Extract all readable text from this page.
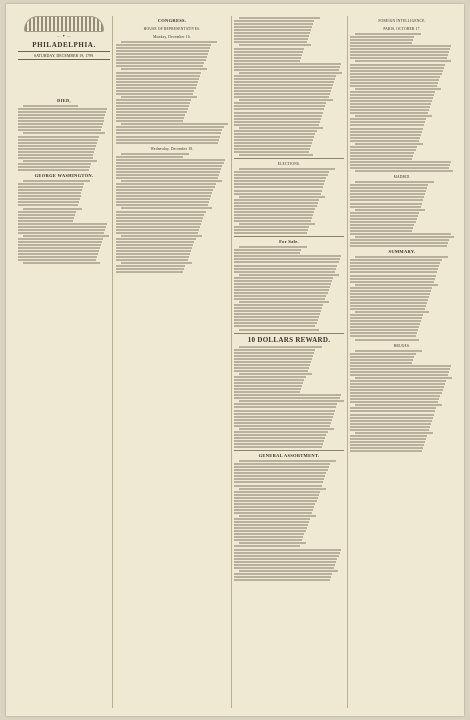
— ✦ —
PHILADELPHIA.
SATURDAY, DECEMBER 19, 1799.
DIED,

GEORGE WASHINGTON.

CONGRESS.
HOUSE OF REPRESENTATIVES.
Monday, December 16.

Wednesday, December 18.

ELECTIONS.

For Sale.

10 DOLLARS REWARD.

GENERAL ASSORTMENT.

FOREIGN INTELLIGENCE.
PARIS, OCTOBER 17.

MADRID.

SUMMARY.

BRUGES.
